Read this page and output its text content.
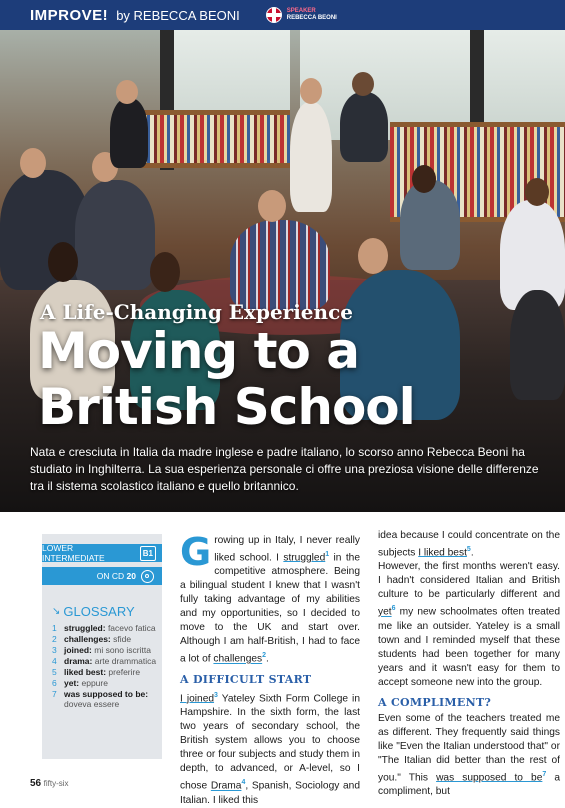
IMPROVE! by REBECCA BEONI	SPEAKER
REBECCA BEONI
A Life-Changing Experience
Moving to a
British School
Nata e cresciuta in Italia da madre inglese e padre italiano, lo scorso anno Rebecca Beoni ha studiato in Inghilterra. La sua esperienza personale ci offre una preziosa visione delle differenze tra il sistema scolastico italiano e quello britannico.
LOWER INTERMEDIATE	B1
ON CD 20
↘ GLOSSARY
1 struggled: facevo fatica
2 challenges: sfide
3 joined: mi sono iscritta
4 drama: arte drammatica
5 liked best: preferire
6 yet: eppure
7 was supposed to be: doveva essere

Growing up in Italy, I never really liked school. I struggled$^1$ in the competitive atmosphere. Being a bilingual student I knew that I wasn't fully taking advantage of my abilities and my opportunities, so I decided to move to the UK and start over. Although I am half-British, I had to face a lot of challenges$^2$.

A DIFFICULT START

I joined$^3$ Yateley Sixth Form College in Hampshire. In the sixth form, the last two years of secondary school, the British system allows you to choose three or four subjects and study them in depth, to advanced, or A-level, so I chose Drama$^4$, Spanish, Sociology and Italian. I liked this

idea because I could concentrate on the subjects I liked best$^5$.

However, the first months weren't easy. I hadn't considered Italian and British culture to be particularly different and yet$^6$ my new schoolmates often treated me like an outsider. Yateley is a small town and I reminded myself that these students had been together for many years and it wasn't easy for them to accept someone new into the group.

A COMPLIMENT?

Even some of the teachers treated me as different. They frequently said things like "Even the Italian understood that" or "The Italian did better than the rest of you." This was supposed to $be^7$ a compliment, but

56 fifty-six
